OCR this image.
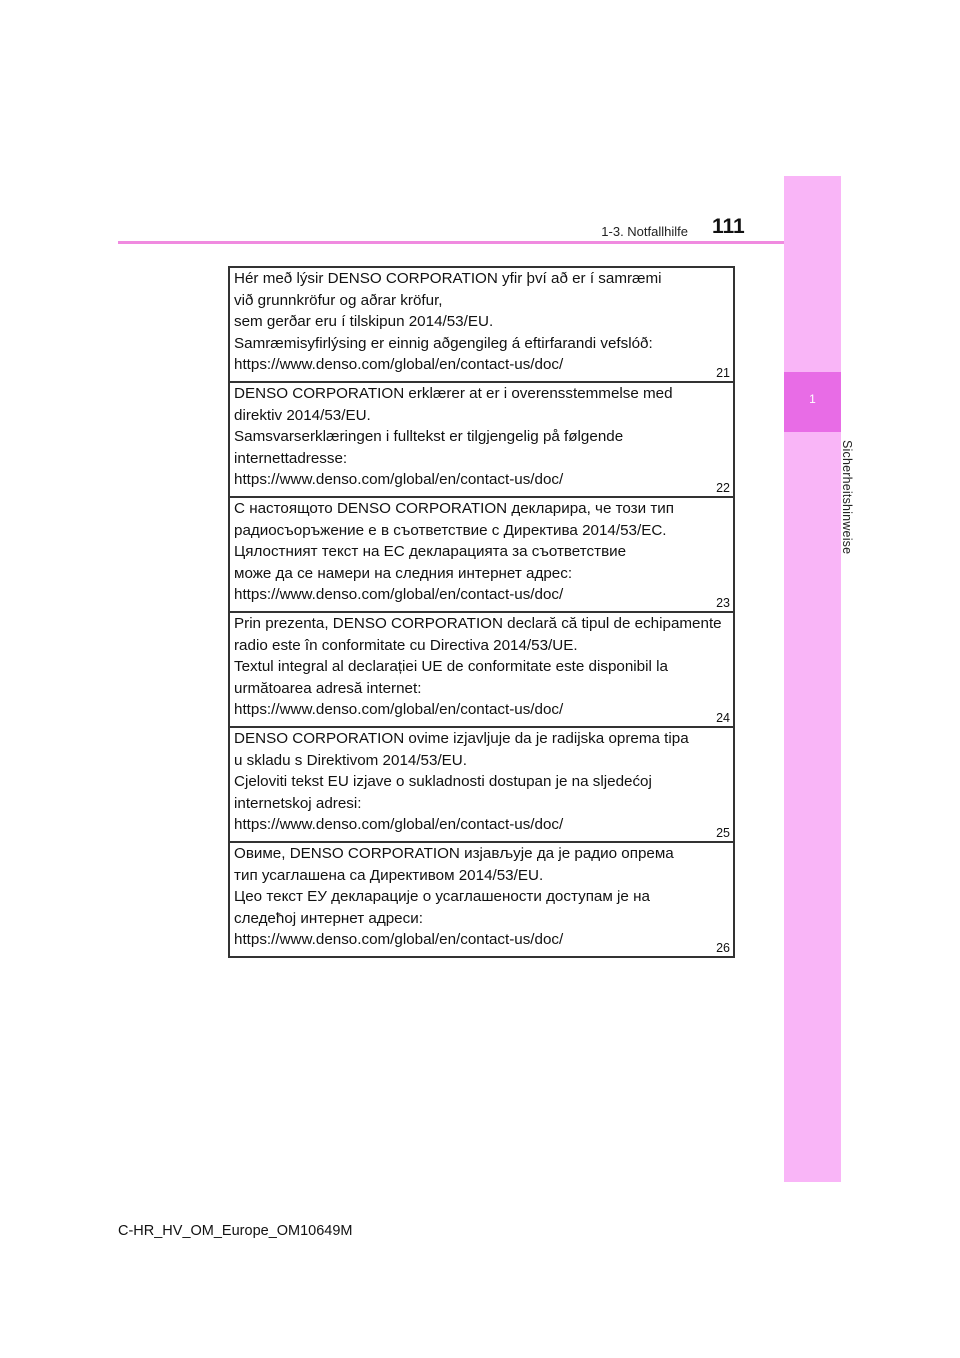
1
Sicherheitshinweise
1-3. Notfallhilfe 111
Hér með lýsir DENSO CORPORATION yfir því að er í samræmi
við grunnkröfur og aðrar kröfur,
sem gerðar eru í tilskipun 2014/53/EU.
Samræmisyfirlýsing er einnig aðgengileg á eftirfarandi vefslóð:
https://www.denso.com/global/en/contact-us/doc/	21
DENSO CORPORATION erklærer at er i overensstemmelse med
direktiv 2014/53/EU.
Samsvarserklæringen i fulltekst er tilgjengelig på følgende
internettadresse:
https://www.denso.com/global/en/contact-us/doc/	22
С настоящото DENSO CORPORATION декларира, че този тип
радиосъоръжение е в съответствие с Директива 2014/53/ЕС.
Цялостният текст на ЕС декларацията за съответствие
може да се намери на следния интернет адрес:
https://www.denso.com/global/en/contact-us/doc/	23
Prin prezenta, DENSO CORPORATION declară că tipul de echipamente
radio este în conformitate cu Directiva 2014/53/UE.
Textul integral al declarației UE de conformitate este disponibil la
următoarea adresă internet:
https://www.denso.com/global/en/contact-us/doc/	24
DENSO CORPORATION ovime izjavljuje da je radijska oprema tipa
u skladu s Direktivom 2014/53/EU.
Cjeloviti tekst EU izjave o sukladnosti dostupan je na sljedećoj
internetskoj adresi:
https://www.denso.com/global/en/contact-us/doc/	25
Овиме, DENSO CORPORATION изјављује да је радио опрема
тип усаглашена са Директивом 2014/53/EU.
Цео текст ЕУ декларације о усаглашености доступам је на
следећој интернет адреси:
https://www.denso.com/global/en/contact-us/doc/	26
C-HR_HV_OM_Europe_OM10649M
